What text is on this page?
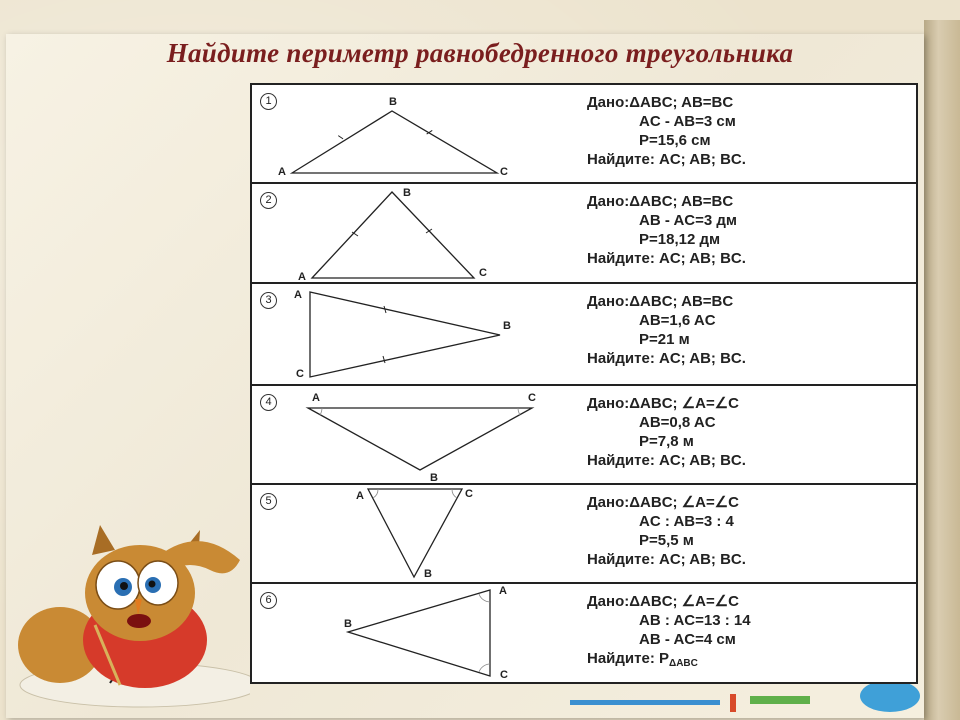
Найдите периметр равнобедренного треугольника
1
A
B
C
Дано:ΔABC; AB=BC
AC - AB=3 см
P=15,6 см
Найдите: AC; AB; BC.
2
A
B
C
Дано:ΔABC; AB=BC
AB - AC=3 дм
P=18,12 дм
Найдите: AC; AB; BC.
3	A
B
C
Дано:ΔABC; AB=BC
AB=1,6 AC
P=21 м
Найдите: AC; AB; BC.
4	A	C
B
Дано:ΔABC; ∠A=∠C
AB=0,8 AC
P=7,8 м
Найдите: AC; AB; BC.
5	A	C
B
Дано:ΔABC; ∠A=∠C
AC : AB=3 : 4
P=5,5 м
Найдите: AC; AB; BC.
6
A
B
C
Дано:ΔABC; ∠A=∠C
AB : AC=13 : 14
AB - AC=4 см
Найдите: $P_{\Delta ABC}$
